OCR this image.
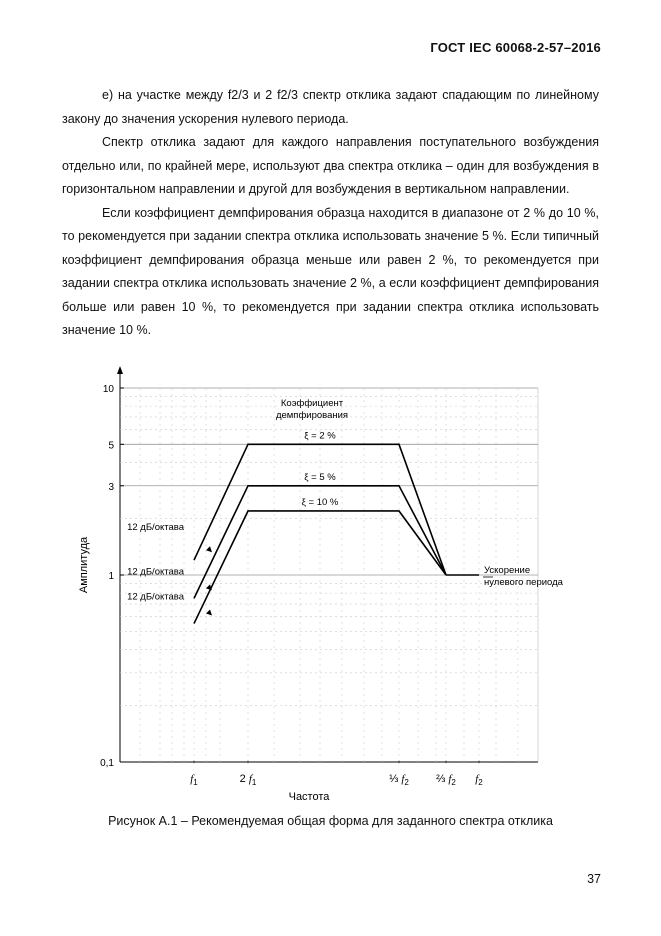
ГОСТ IEC 60068-2-57–2016

е) на участке между f2/3 и 2 f2/3 спектр отклика задают спадающим по линейному закону до значения ускорения нулевого периода.

Спектр отклика задают для каждого направления поступательного возбуждения отдельно или, по крайней мере, используют два спектра отклика – один для возбуждения в горизонтальном направлении и другой для возбуждения в вертикальном направлении.

Если коэффициент демпфирования образца находится в диапазоне от 2 % до 10 %, то рекомендуется при задании спектра отклика использовать значение 5 %. Если типичный коэффициент демпфирования образца меньше или равен 2 %, то рекомендуется при задании спектра отклика использовать значение 2 %, а если коэффициент демпфирования больше или равен 10 %, то рекомендуется при задании спектра отклика использовать значение 10 %.

10
5
3
1
0,1
$f_1$	2 $f_1$	⅓ $f_2$ ⅔ $f_2$ $f_2$
Частота
Амплитуда
ξ = 2 %
12 дБ/октава
ξ = 5 %
12 дБ/октава
ξ = 10 %
12 дБ/октава
Ускорение
нулевого периода
Коэффициент
демпфирования
Рисунок А.1 – Рекомендуемая общая форма для заданного спектра отклика
37
